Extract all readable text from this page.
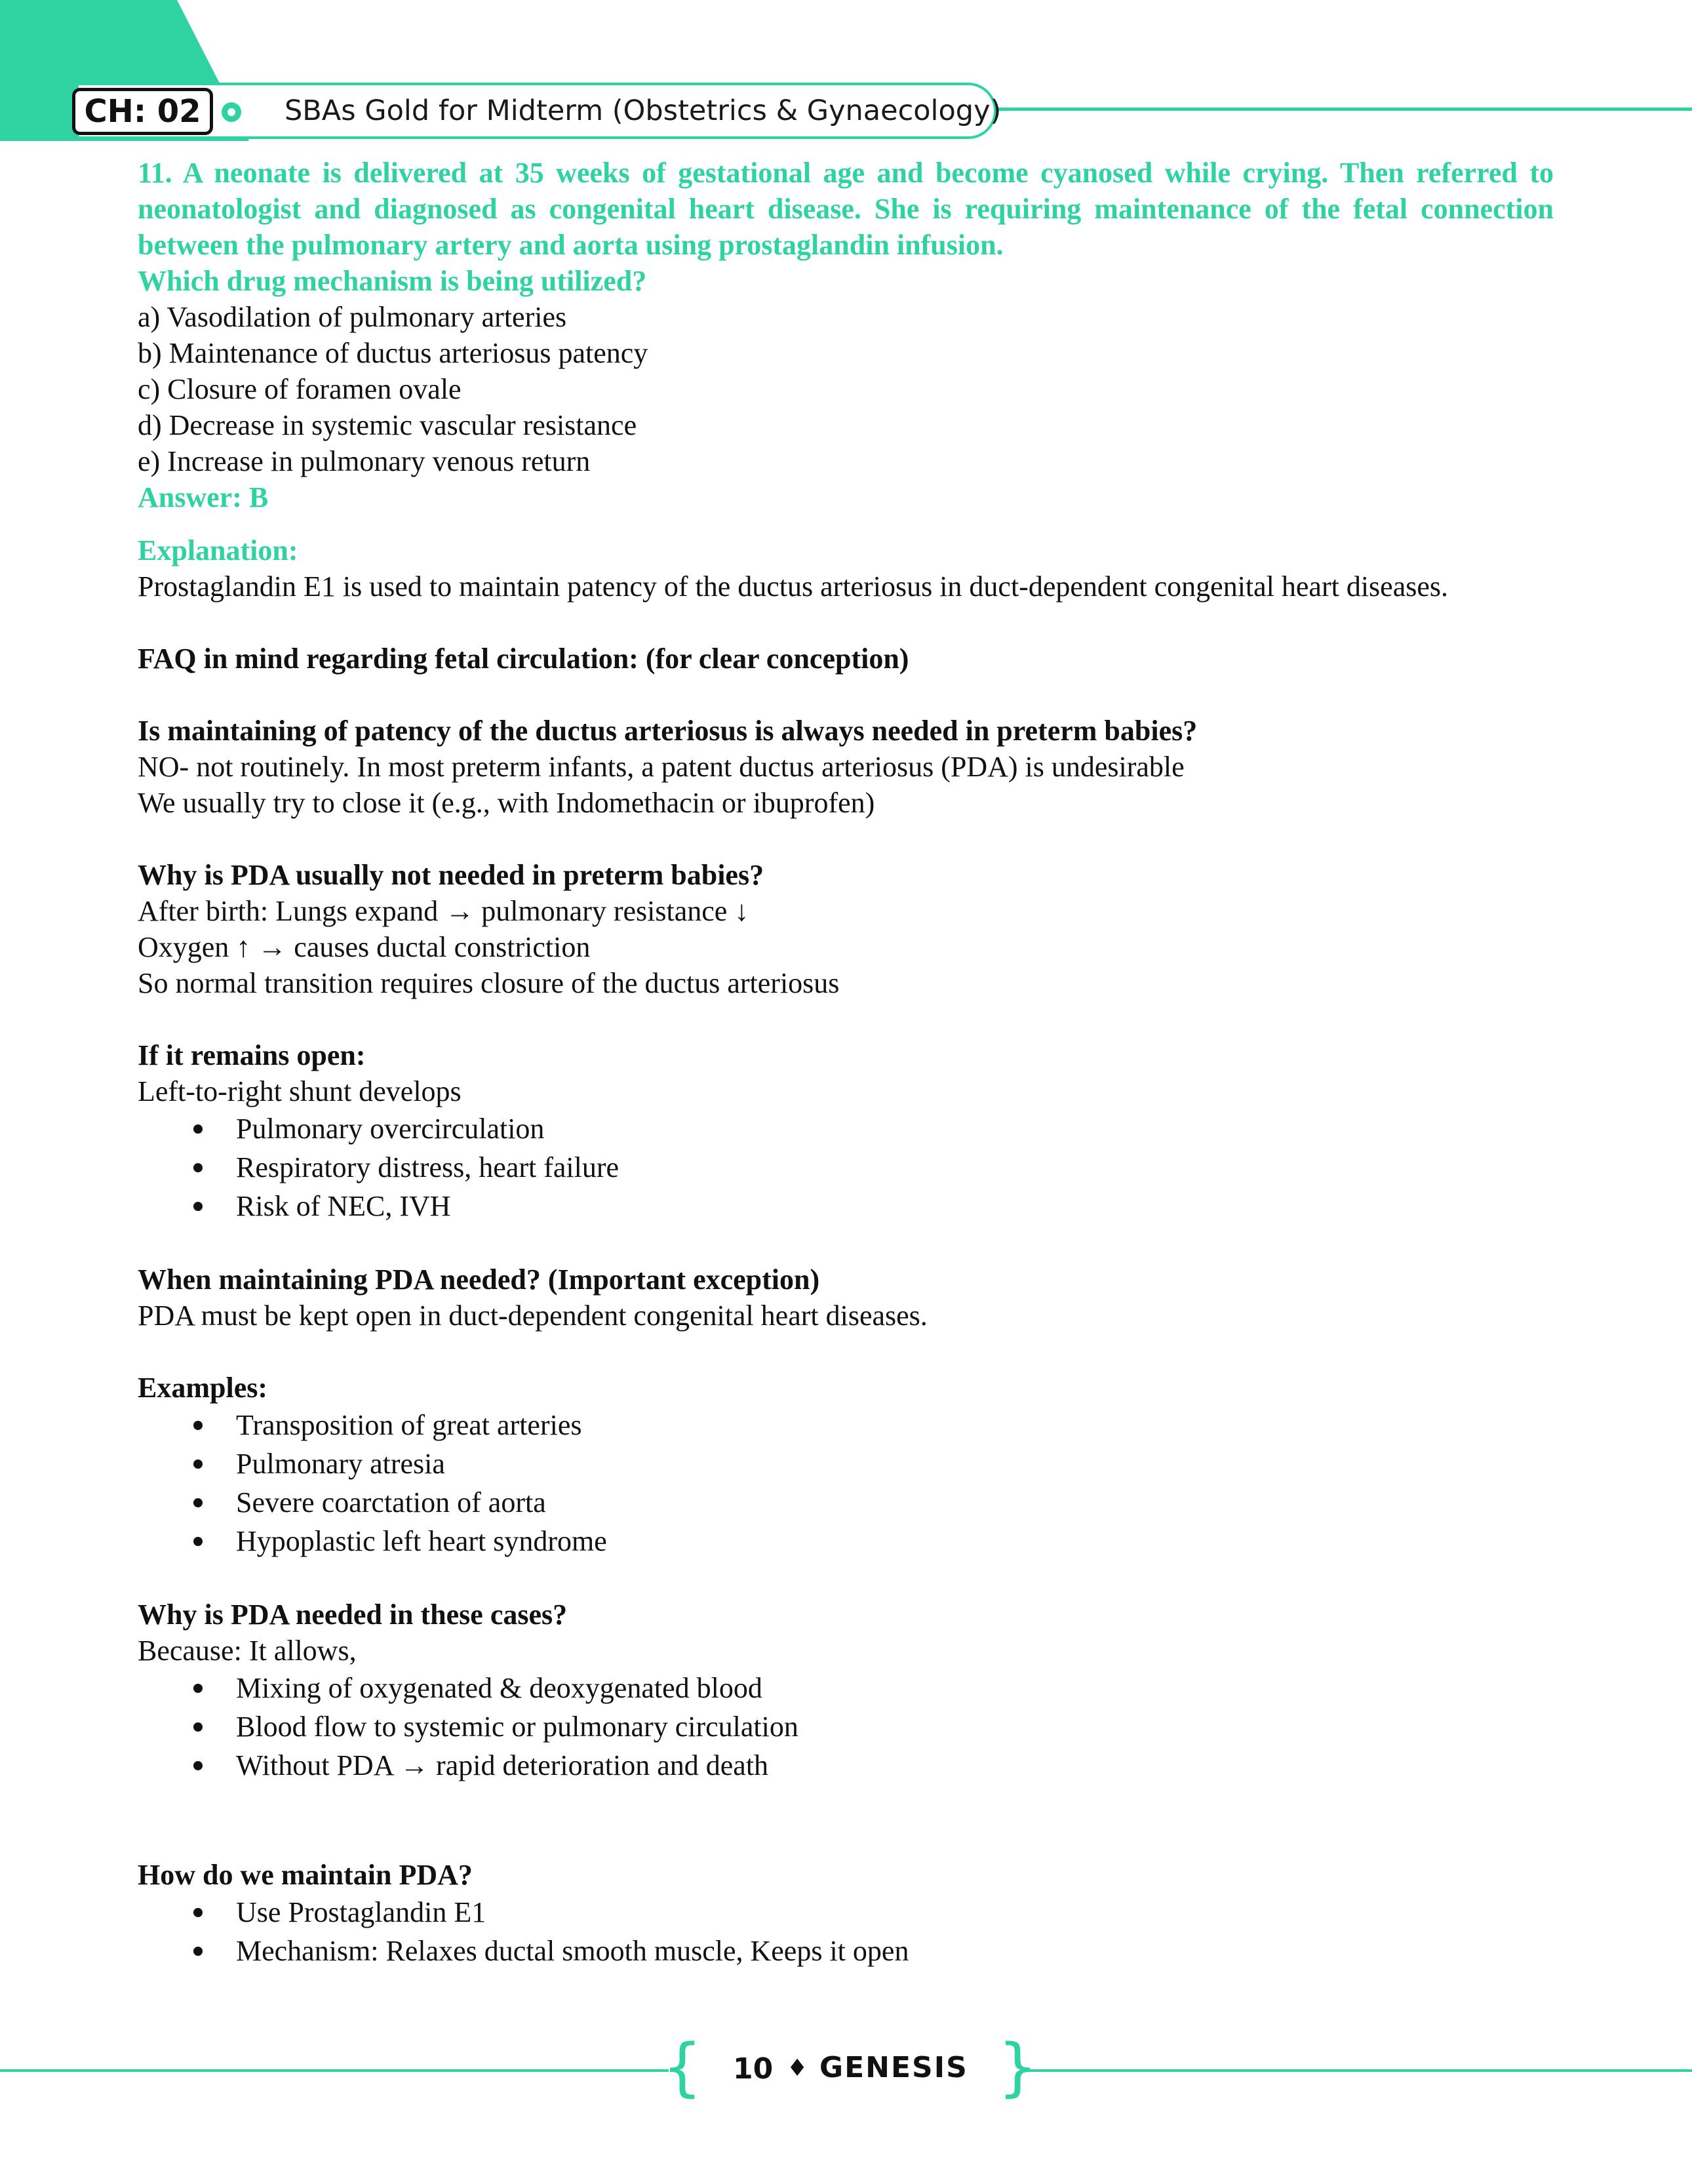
CH: 02	SBAs Gold for Midterm (Obstetrics & Gynaecology)

11. A neonate is delivered at 35 weeks of gestational age and become cyanosed while crying. Then referred to neonatologist and diagnosed as congenital heart disease. She is requiring maintenance of the fetal connection between the pulmonary artery and aorta using prostaglandin infusion.

Which drug mechanism is being utilized?

a) Vasodilation of pulmonary arteries

b) Maintenance of ductus arteriosus patency

c) Closure of foramen ovale

d) Decrease in systemic vascular resistance

e) Increase in pulmonary venous return

Answer: B

Explanation:

Prostaglandin E1 is used to maintain patency of the ductus arteriosus in duct-dependent congenital heart diseases.

FAQ in mind regarding fetal circulation: (for clear conception)

Is maintaining of patency of the ductus arteriosus is always needed in preterm babies?

NO- not routinely. In most preterm infants, a patent ductus arteriosus (PDA) is undesirable

We usually try to close it (e.g., with Indomethacin or ibuprofen)

Why is PDA usually not needed in preterm babies?

After birth: Lungs expand → pulmonary resistance ↓

Oxygen ↑ → causes ductal constriction

So normal transition requires closure of the ductus arteriosus

If it remains open:

Left-to-right shunt develops

Pulmonary overcirculation
Respiratory distress, heart failure
Risk of NEC, IVH

When maintaining PDA needed? (Important exception)

PDA must be kept open in duct-dependent congenital heart diseases.

Examples:

Transposition of great arteries
Pulmonary atresia
Severe coarctation of aorta
Hypoplastic left heart syndrome

Why is PDA needed in these cases?

Because: It allows,

Mixing of oxygenated & deoxygenated blood
Blood flow to systemic or pulmonary circulation
Without PDA → rapid deterioration and death

How do we maintain PDA?

Use Prostaglandin E1
Mechanism: Relaxes ductal smooth muscle, Keeps it open
{	}
10 ♦ GENESIS
